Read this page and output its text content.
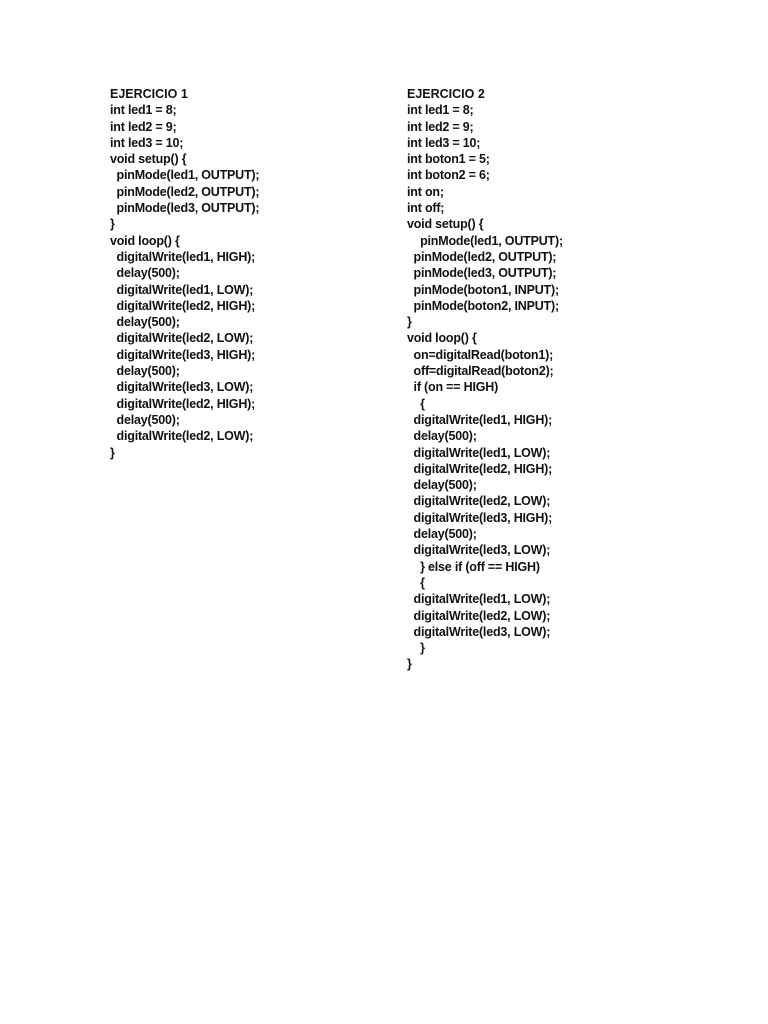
EJERCICIO 1
int led1 = 8;
int led2 = 9;
int led3 = 10;
void setup() {
pinMode(led1, OUTPUT);
pinMode(led2, OUTPUT);
pinMode(led3, OUTPUT);
}
void loop() {
digitalWrite(led1, HIGH);
delay(500);
digitalWrite(led1, LOW);
digitalWrite(led2, HIGH);
delay(500);
digitalWrite(led2, LOW);
digitalWrite(led3, HIGH);
delay(500);
digitalWrite(led3, LOW);
digitalWrite(led2, HIGH);
delay(500);
digitalWrite(led2, LOW);
}
EJERCICIO 2
int led1 = 8;
int led2 = 9;
int led3 = 10;
int boton1 = 5;
int boton2 = 6;
int on;
int off;
void setup() {
pinMode(led1, OUTPUT);
pinMode(led2, OUTPUT);
pinMode(led3, OUTPUT);
pinMode(boton1, INPUT);
pinMode(boton2, INPUT);
}
void loop() {
on=digitalRead(boton1);
off=digitalRead(boton2);
if (on == HIGH)
{
digitalWrite(led1, HIGH);
delay(500);
digitalWrite(led1, LOW);
digitalWrite(led2, HIGH);
delay(500);
digitalWrite(led2, LOW);
digitalWrite(led3, HIGH);
delay(500);
digitalWrite(led3, LOW);
} else if (off == HIGH)
{
digitalWrite(led1, LOW);
digitalWrite(led2, LOW);
digitalWrite(led3, LOW);
}
}
